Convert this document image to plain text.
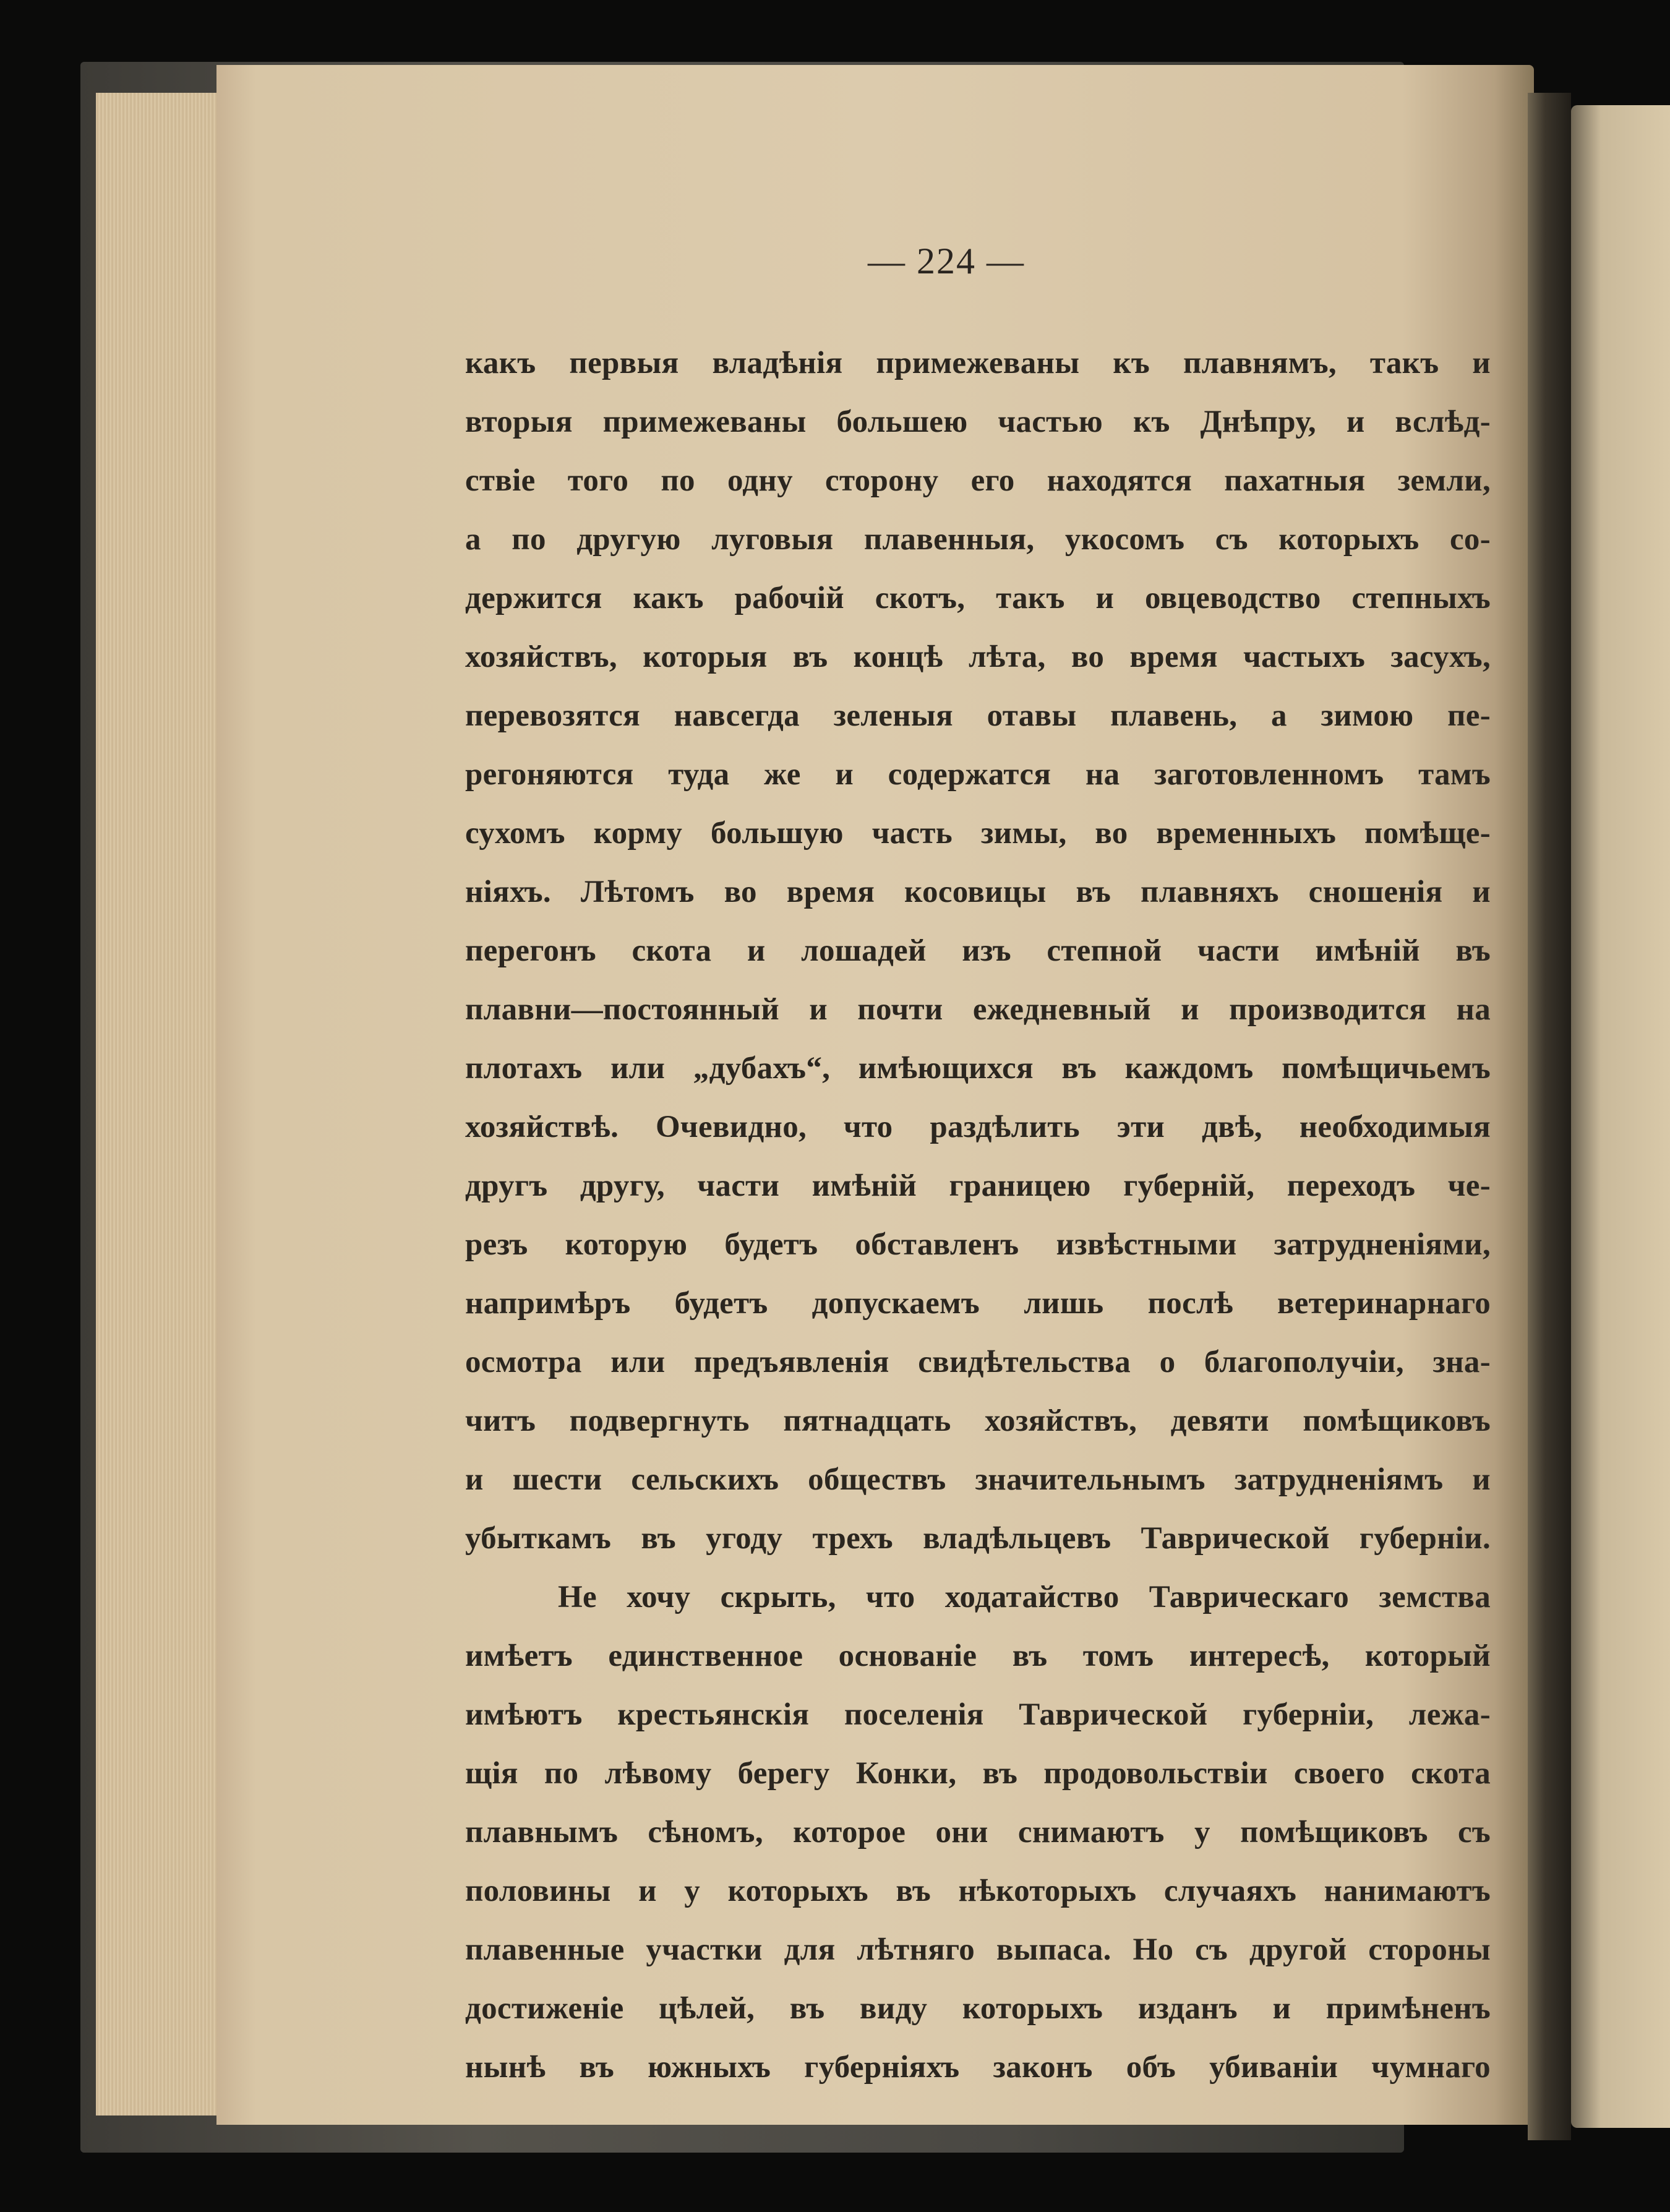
— 224 —
какъ первыя владѣнія примежеваны къ плавнямъ, такъ и
вторыя примежеваны большею частью къ Днѣпру, и вслѣд-
ствіе того по одну сторону его находятся пахатныя земли,
а по другую луговыя плавенныя, укосомъ съ которыхъ со-
держится какъ рабочій скотъ, такъ и овцеводство степныхъ
хозяйствъ, которыя въ концѣ лѣта, во время частыхъ засухъ,
перевозятся навсегда зеленыя отавы плавень, а зимою пе-
регоняются туда же и содержатся на заготовленномъ тамъ
сухомъ корму большую часть зимы, во временныхъ помѣще-
ніяхъ. Лѣтомъ во время косовицы въ плавняхъ сношенія и
перегонъ скота и лошадей изъ степной части имѣній въ
плавни—постоянный и почти ежедневный и производится на
плотахъ или „дубахъ“, имѣющихся въ каждомъ помѣщичьемъ
хозяйствѣ. Очевидно, что раздѣлить эти двѣ, необходимыя
другъ другу, части имѣній границею губерній, переходъ че-
резъ которую будетъ обставленъ извѣстными затрудненіями,
напримѣръ будетъ допускаемъ лишь послѣ ветеринарнаго
осмотра или предъявленія свидѣтельства о благополучіи, зна-
читъ подвергнуть пятнадцать хозяйствъ, девяти помѣщиковъ
и шести сельскихъ обществъ значительнымъ затрудненіямъ и
убыткамъ въ угоду трехъ владѣльцевъ Таврической губерніи.
Не хочу скрыть, что ходатайство Таврическаго земства
имѣетъ единственное основаніе въ томъ интересѣ, который
имѣютъ крестьянскія поселенія Таврической губерніи, лежа-
щія по лѣвому берегу Конки, въ продовольствіи своего скота
плавнымъ сѣномъ, которое они снимаютъ у помѣщиковъ съ
половины и у которыхъ въ нѣкоторыхъ случаяхъ нанимаютъ
плавенные участки для лѣтняго выпаса. Но съ другой стороны
достиженіе цѣлей, въ виду которыхъ изданъ и примѣненъ
нынѣ въ южныхъ губерніяхъ законъ объ убиваніи чумнаго
